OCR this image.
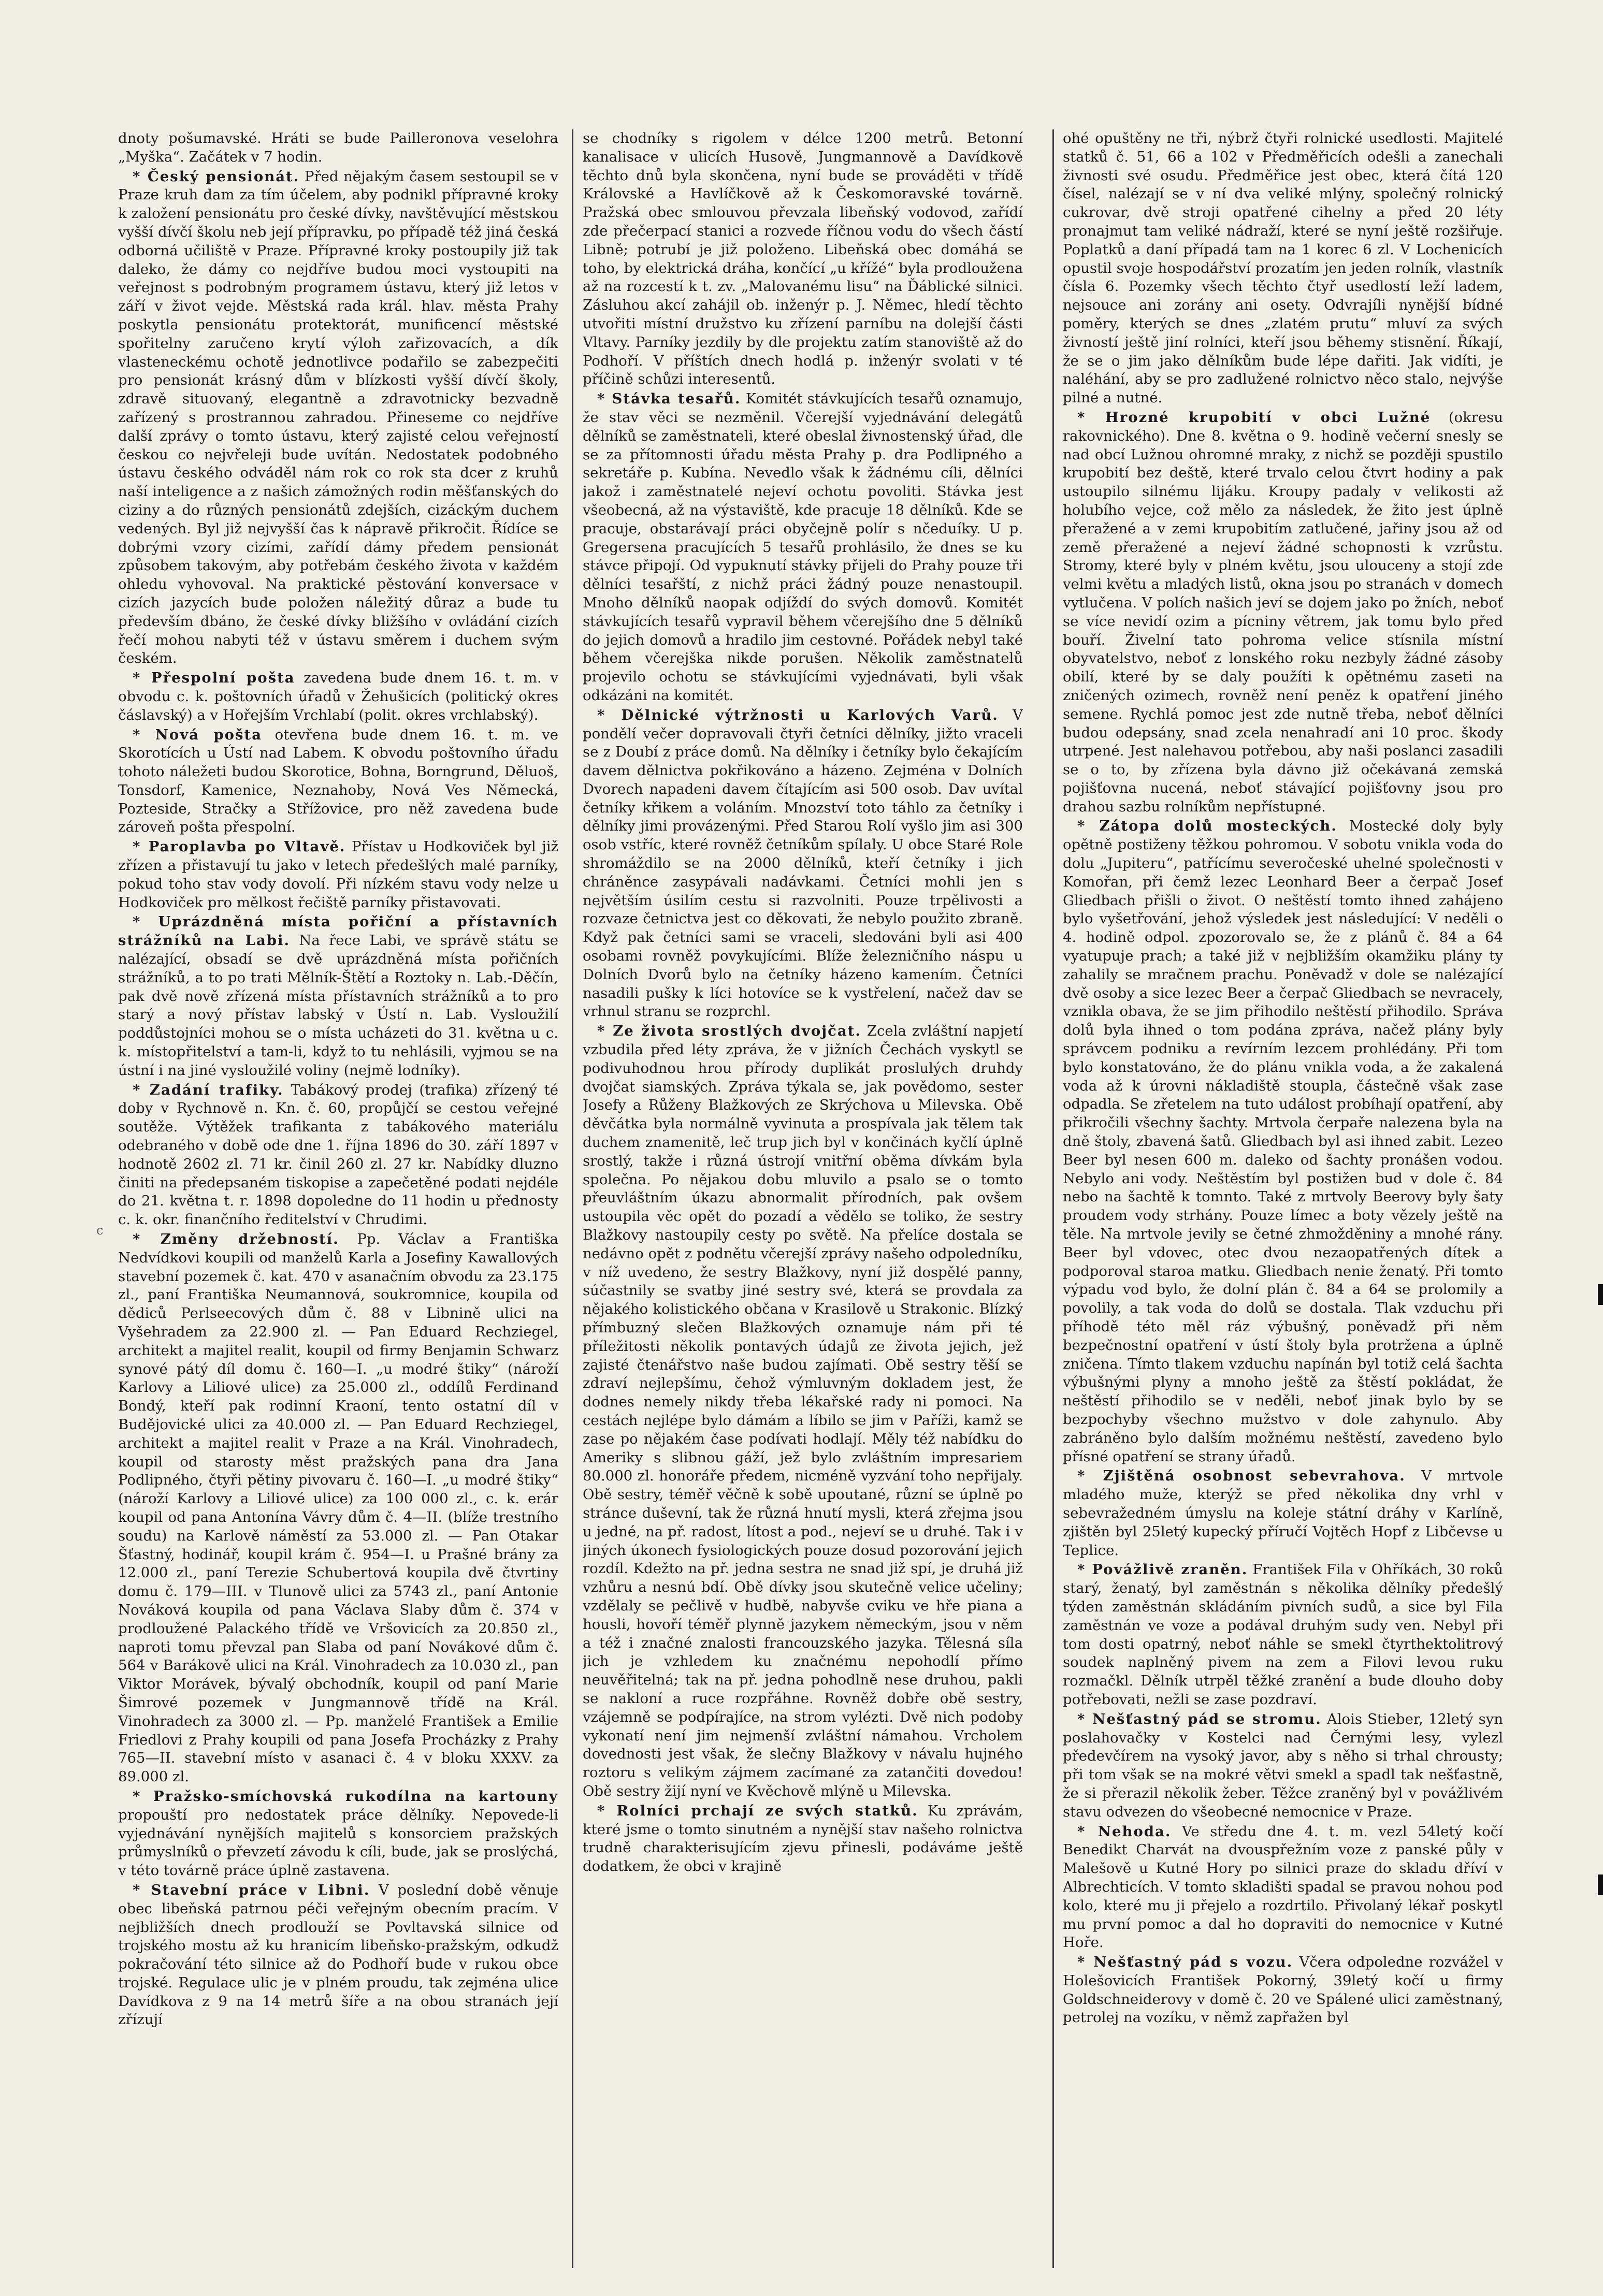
c
dnoty pošumavské. Hráti se bude Pailleronova veselohra „Myška“. Začátek v 7 hodin.
* Český pensionát. Před nějakým časem sestoupil se v Praze kruh dam za tím účelem, aby podnikl přípravné kroky k založení pensionátu pro české dívky, navštěvující městskou vyšší dívčí školu neb její přípravku, po případě též jiná česká odborná učiliště v Praze. Přípravné kroky postoupily již tak daleko, že dámy co nejdříve budou moci vystoupiti na veřejnost s podrobným programem ústavu, který již letos v září v život vejde. Městská rada král. hlav. města Prahy poskytla pensionátu protektorát, munificencí městské spořitelny zaručeno krytí výloh zařizovacích, a dík vlasteneckému ochotě jednotlivce podařilo se zabezpečiti pro pensionát krásný dům v blízkosti vyšší dívčí školy, zdravě situovaný, elegantně a zdravotnicky bezvadně zařízený s prostrannou zahradou. Přineseme co nejdříve další zprávy o tomto ústavu, který zajisté celou veřejností českou co nejvřeleji bude uvítán. Nedostatek podobného ústavu českého odváděl nám rok co rok sta dcer z kruhů naší inteligence a z našich zámožných rodin měšťanských do ciziny a do různých pensionátů zdejších, cizáckým duchem vedených. Byl již nejvyšší čas k nápravě přikročit. Řídíce se dobrými vzory cizími, zařídí dámy předem pensionát způsobem takovým, aby potřebám českého života v každém ohledu vyhovoval. Na praktické pěstování konversace v cizích jazycích bude položen náležitý důraz a bude tu především dbáno, že české dívky bližšího v ovládání cizích řečí mohou nabyti též v ústavu směrem i duchem svým českém.
* Přespolní pošta zavedena bude dnem 16. t. m. v obvodu c. k. poštovních úřadů v Žehušicích (politický okres čáslavský) a v Hořejším Vrchlabí (polit. okres vrchlabský).
* Nová pošta otevřena bude dnem 16. t. m. ve Skorotících u Ústí nad Labem. K obvodu poštovního úřadu tohoto náležeti budou Skorotice, Bohna, Borngrund, Děluoš, Tonsdorf, Kamenice, Neznahoby, Nová Ves Německá, Pozteside, Stračky a Střížovice, pro něž zavedena bude zároveň pošta přespolní.
* Paroplavba po Vltavě. Přístav u Hodkoviček byl již zřízen a přistavují tu jako v letech předešlých malé parníky, pokud toho stav vody dovolí. Při nízkém stavu vody nelze u Hodkoviček pro mělkost řečiště parníky přistavovati.
* Uprázdněná místa pořiční a přístavních strážníků na Labi. Na řece Labi, ve správě státu se nalézající, obsadí se dvě uprázdněná místa pořičních strážníků, a to po trati Mělník-Štětí a Roztoky n. Lab.-Děčín, pak dvě nově zřízená místa přístavních strážníků a to pro starý a nový přístav labský v Ústí n. Lab. Vysloužilí poddůstojníci mohou se o místa ucházeti do 31. května u c. k. místopřitelství a tam-li, když to tu nehlásili, vyjmou se na ústní i na jiné vysloužilé voliny (nejmě lodníky).
* Zadání trafiky. Tabákový prodej (trafika) zřízený té doby v Rychnově n. Kn. č. 60, propůjčí se cestou veřejné soutěže. Výtěžek trafikanta z tabákového materiálu odebraného v době ode dne 1. října 1896 do 30. září 1897 v hodnotě 2602 zl. 71 kr. činil 260 zl. 27 kr. Nabídky dluzno činiti na předepsaném tiskopise a zapečetěné podati nejdéle do 21. května t. r. 1898 dopoledne do 11 hodin u přednosty c. k. okr. finančního ředitelství v Chrudimi.
* Změny držebností. Pp. Václav a Františka Nedvídkovi koupili od manželů Karla a Josefiny Kawallových stavební pozemek č. kat. 470 v asanačním obvodu za 23.175 zl., paní Františka Neumannová, soukromnice, koupila od dědiců Perlseecových dům č. 88 v Libnině ulici na Vyšehradem za 22.900 zl. — Pan Eduard Rechziegel, architekt a majitel realit, koupil od firmy Benjamin Schwarz synové pátý díl domu č. 160—I. „u modré štiky“ (nároží Karlovy a Liliové ulice) za 25.000 zl., oddílů Ferdinand Bondý, kteří pak rodinní Kraoní, tento ostatní díl v Budějovické ulici za 40.000 zl. — Pan Eduard Rechziegel, architekt a majitel realit v Praze a na Král. Vinohradech, koupil od starosty měst pražských pana dra Jana Podlipného, čtyři pětiny pivovaru č. 160—I. „u modré štiky“ (nároží Karlovy a Liliové ulice) za 100 000 zl., c. k. erár koupil od pana Antonína Vávry dům č. 4—II. (blíže trestního soudu) na Karlově náměstí za 53.000 zl. — Pan Otakar Šťastný, hodinář, koupil krám č. 954—I. u Prašné brány za 12.000 zl., paní Terezie Schubertová koupila dvě čtvrtiny domu č. 179—III. v Tlunově ulici za 5743 zl., paní Antonie Nováková koupila od pana Václava Slaby dům č. 374 v prodloužené Palackého třídě ve Vršovicích za 20.850 zl., naproti tomu převzal pan Slaba od paní Novákové dům č. 564 v Barákově ulici na Král. Vinohradech za 10.030 zl., pan Viktor Morávek, bývalý obchodník, koupil od paní Marie Šimrové pozemek v Jungmannově třídě na Král. Vinohradech za 3000 zl. — Pp. manželé František a Emilie Friedlovi z Prahy koupili od pana Josefa Procházky z Prahy 765—II. stavební místo v asanaci č. 4 v bloku XXXV. za 89.000 zl.
* Pražsko-smíchovská rukodílna na kartouny propouští pro nedostatek práce dělníky. Nepovede-li vyjednávání nynějších majitelů s konsorciem pražských průmyslníků o převzetí závodu k cíli, bude, jak se proslýchá, v této továrně práce úplně zastavena.
* Stavební práce v Libni. V poslední době věnuje obec libeňská patrnou péči veřejným obecním pracím. V nejbližších dnech prodlouží se Povltavská silnice od trojského mostu až ku hranicím libeňsko-pražským, odkudž pokračování této silnice až do Podhoří bude v rukou obce trojské. Regulace ulic je v plném proudu, tak zejména ulice Davídkova z 9 na 14 metrů šíře a na obou stranách její zřízují
se chodníky s rigolem v délce 1200 metrů. Betonní kanalisace v ulicích Husově, Jungmannově a Davídkově těchto dnů byla skončena, nyní bude se prováděti v třídě Královské a Havlíčkově až k Českomoravské továrně. Pražská obec smlouvou převzala libeňský vodovod, zařídí zde přečerpací stanici a rozvede říčnou vodu do všech částí Libně; potrubí je již položeno. Libeňská obec domáhá se toho, by elektrická dráha, končící „u křížé“ byla prodloužena až na rozcestí k t. zv. „Malovanému lisu“ na Ďáblické silnici. Zásluhou akcí zahájil ob. inženýr p. J. Němec, hledí těchto utvořiti místní družstvo ku zřízení parníbu na dolejší části Vltavy. Parníky jezdily by dle projektu zatím stanoviště až do Podhoří. V příštích dnech hodlá p. inženýr svolati v té příčině schůzi interesentů.
* Stávka tesařů. Komitét stávkujících tesařů oznamujo, že stav věci se nezměnil. Včerejší vyjednávání delegátů dělníků se zaměstnateli, které obeslal živnostenský úřad, dle se za přítomnosti úřadu města Prahy p. dra Podlipného a sekretáře p. Kubína. Nevedlo však k žádnému cíli, dělníci jakož i zaměstnatelé nejeví ochotu povoliti. Stávka jest všeobecná, až na výstaviště, kde pracuje 18 dělníků. Kde se pracuje, obstarávají práci obyčejně polír s nčeduíky. U p. Gregersena pracujících 5 tesařů prohlásilo, že dnes se ku stávce připojí. Od vypuknutí stávky přijeli do Prahy pouze tři dělníci tesařští, z nichž práci žádný pouze nenastoupil. Mnoho dělníků naopak odjíždí do svých domovů. Komitét stávkujících tesařů vypravil během včerejšího dne 5 dělníků do jejich domovů a hradilo jim cestovné. Pořádek nebyl také během včerejška nikde porušen. Několik zaměstnatelů projevilo ochotu se stávkujícími vyjednávati, byli však odkázáni na komitét.
* Dělnické výtržnosti u Karlových Varů. V pondělí večer dopravovali čtyři četníci dělníky, jižto vraceli se z Doubí z práce domů. Na dělníky i četníky bylo čekajícím davem dělnictva pokřikováno a házeno. Zejména v Dolních Dvorech napadeni davem čítajícím asi 500 osob. Dav uvítal četníky křikem a voláním. Mnozství toto táhlo za četníky i dělníky jimi provázenými. Před Starou Rolí vyšlo jim asi 300 osob vstříc, které rovněž četníkům spílaly. U obce Staré Role shromáždilo se na 2000 dělníků, kteří četníky i jich chráněnce zasypávali nadávkami. Četníci mohli jen s největším úsilím cestu si razvolniti. Pouze trpělivosti a rozvaze četnictva jest co děkovati, že nebylo použito zbraně. Když pak četníci sami se vraceli, sledováni byli asi 400 osobami rovněž povykujícími. Blíže železničního náspu u Dolních Dvorů bylo na četníky házeno kamením. Četníci nasadili pušky k líci hotovíce se k vystřelení, načež dav se vrhnul stranu se rozprchl.
* Ze života srostlých dvojčat. Zcela zvláštní napjetí vzbudila před léty zpráva, že v jižních Čechách vyskytl se podivuhodnou hrou přírody duplikát proslulých druhdy dvojčat siamských. Zpráva týkala se, jak povědomo, sester Josefy a Růženy Blažkových ze Skrýchova u Milevska. Obě děvčátka byla normálně vyvinuta a prospívala jak tělem tak duchem znamenitě, leč trup jich byl v končinách kyčlí úplně srostlý, takže i různá ústrojí vnitřní oběma dívkám byla společna. Po nějakou dobu mluvilo a psalo se o tomto přeuvláštním úkazu abnormalit přírodních, pak ovšem ustoupila věc opět do pozadí a vědělo se toliko, že sestry Blažkovy nastoupily cesty po světě. Na přelíce dostala se nedávno opět z podnětu včerejší zprávy našeho odpoledníku, v níž uvedeno, že sestry Blažkovy, nyní již dospělé panny, súčastnily se svatby jiné sestry své, která se provdala za nějakého kolistického občana v Krasilově u Strakonic. Blízký přímbuzný slečen Blažkových oznamuje nám při té příležitosti několik pontavých údajů ze života jejich, jež zajisté čtenářstvo naše budou zajímati. Obě sestry těší se zdraví nejlepšímu, čehož výmluvným dokladem jest, že dodnes nemely nikdy třeba lékařské rady ni pomoci. Na cestách nejlépe bylo dámám a líbilo se jim v Paříži, kamž se zase po nějakém čase podívati hodlají. Měly též nabídku do Ameriky s slibnou gáží, jež bylo zvláštním impresariem 80.000 zl. honoráře předem, nicméně vyzvání toho nepřijaly. Obě sestry, téměř věčně k sobě upoutané, různí se úplně po stránce duševní, tak že různá hnutí mysli, která zřejma jsou u jedné, na př. radost, lítost a pod., nejeví se u druhé. Tak i v jiných úkonech fysiologických pouze dosud pozorování jejich rozdíl. Kdežto na př. jedna sestra ne snad již spí, je druhá již vzhůru a nesnú bdí. Obě dívky jsou skutečně velice učeliny; vzdělaly se pečlivě v hudbě, nabyvše cviku ve hře piana a housli, hovoří téměř plynně jazykem německým, jsou v něm a též i značné znalosti francouzského jazyka. Tělesná síla jich je vzhledem ku značnému nepohodlí přímo neuvěřitelná; tak na př. jedna pohodlně nese druhou, pakli se nakloní a ruce rozpřáhne. Rovněž dobře obě sestry, vzájemně se podpírajíce, na strom vylézti. Dvě nich podoby vykonatí není jim nejmenší zvláštní námahou. Vrcholem dovednosti jest však, že slečny Blažkovy v návalu hujného roztoru s velikým zájmem zacímané za zatančiti dovedou! Obě sestry žijí nyní ve Kvěchově mlýně u Milevska.
* Rolníci prchají ze svých statků. Ku zprávám, které jsme o tomto sinutném a nynější stav našeho rolnictva trudně charakterisujícím zjevu přinesli, podáváme ještě dodatkem, že obci v krajině
ohé opuštěny ne tři, nýbrž čtyři rolnické usedlosti. Majitelé statků č. 51, 66 a 102 v Předměřicích odešli a zanechali živnosti své osudu. Předměřice jest obec, která čítá 120 čísel, nalézají se v ní dva veliké mlýny, společný rolnický cukrovar, dvě stroji opatřené cihelny a před 20 léty pronajmut tam veliké nádraží, které se nyní ještě rozšiřuje. Poplatků a daní případá tam na 1 korec 6 zl. V Lochenicích opustil svoje hospodářství prozatím jen jeden rolník, vlastník čísla 6. Pozemky všech těchto čtyř usedlostí leží ladem, nejsouce ani zorány ani osety. Odvrajíli nynější bídné poměry, kterých se dnes „zlatém prutu“ mluví za svých živností ještě jiní rolníci, kteří jsou běhemy stisnění. Říkají, že se o jim jako dělníkům bude lépe dařiti. Jak vidíti, je naléhání, aby se pro zadlužené rolnictvo něco stalo, nejvýše pilné a nutné.
* Hrozné krupobití v obci Lužné (okresu rakovnického). Dne 8. května o 9. hodině večerní snesly se nad obcí Lužnou ohromné mraky, z nichž se později spustilo krupobití bez deště, které trvalo celou čtvrt hodiny a pak ustoupilo silnému lijáku. Kroupy padaly v velikosti až holubího vejce, což mělo za následek, že žito jest úplně přeražené a v zemi krupobitím zatlučené, jařiny jsou až od země přeražené a nejeví žádné schopnosti k vzrůstu. Stromy, které byly v plném květu, jsou ulouceny a stojí zde velmi květu a mladých listů, okna jsou po stranách v domech vytlučena. V polích našich jeví se dojem jako po žních, neboť se více nevidí ozim a pícniny větrem, jak tomu bylo před bouří. Živelní tato pohroma velice stísnila místní obyvatelstvo, neboť z lonského roku nezbyly žádné zásoby obilí, které by se daly použíti k opětnému zaseti na zničených ozimech, rovněž není peněz k opatření jiného semene. Rychlá pomoc jest zde nutně třeba, neboť dělníci budou odepsány, snad zcela nenahradí ani 10 proc. škody utrpené. Jest nalehavou potřebou, aby naši poslanci zasadili se o to, by zřízena byla dávno již očekávaná zemská pojišťovna nucená, neboť stávající pojišťovny jsou pro drahou sazbu rolníkům nepřístupné.
* Zátopa dolů mosteckých. Mostecké doly byly opětně postiženy těžkou pohromou. V sobotu vnikla voda do dolu „Jupiteru“, patřícímu severočeské uhelné společnosti v Komořan, při čemž lezec Leonhard Beer a čerpač Josef Gliedbach přišli o život. O neštěstí tomto ihned zahájeno bylo vyšetřování, jehož výsledek jest následující: V neděli o 4. hodině odpol. zpozorovalo se, že z plánů č. 84 a 64 vyatupuje prach; a také již v nejbližším okamžiku plány ty zahalily se mračnem prachu. Poněvadž v dole se nalézající dvě osoby a sice lezec Beer a čerpač Gliedbach se nevracely, vznikla obava, že se jim přihodilo neštěstí přihodilo. Správa dolů byla ihned o tom podána zpráva, načež plány byly správcem podniku a revírním lezcem prohlédány. Při tom bylo konstatováno, že do plánu vnikla voda, a že zakalená voda až k úrovni nákladiště stoupla, částečně však zase odpadla. Se zřetelem na tuto událost probíhají opatření, aby přikročili všechny šachty. Mrtvola čerpaře nalezena byla na dně štoly, zbavená šatů. Gliedbach byl asi ihned zabit. Lezeo Beer byl nesen 600 m. daleko od šachty pronášen vodou. Nebylo ani vody. Neštěstím byl postižen bud v dole č. 84 nebo na šachtě k tomnto. Také z mrtvoly Beerovy byly šaty proudem vody strhány. Pouze límec a boty vězely ještě na těle. Na mrtvole jevily se četné zhmožděniny a mnohé rány. Beer byl vdovec, otec dvou nezaopatřených dítek a podporoval staroa matku. Gliedbach nenie ženatý. Při tomto výpadu vod bylo, že dolní plán č. 84 a 64 se prolomily a povolily, a tak voda do dolů se dostala. Tlak vzduchu při příhodě této měl ráz výbušný, poněvadž při něm bezpečnostní opatření v ústí štoly byla protržena a úplně zničena. Tímto tlakem vzduchu napínán byl totiž celá šachta výbušnými plyny a mnoho ještě za štěstí pokládat, že neštěstí přihodilo se v neděli, neboť jinak bylo by se bezpochyby všechno mužstvo v dole zahynulo. Aby zabráněno bylo dalším možnému neštěstí, zavedeno bylo přísné opatření se strany úřadů.
* Zjištěná osobnost sebevrahova. V mrtvole mladého muže, kterýž se před několika dny vrhl v sebevražedném úmyslu na koleje státní dráhy v Karlíně, zjištěn byl 25letý kupecký příručí Vojtěch Hopf z Libčevse u Teplice.
* Povážlivě zraněn. František Fila v Ohříkách, 30 roků starý, ženatý, byl zaměstnán s několika dělníky předešlý týden zaměstnán skládáním pivních sudů, a sice byl Fila zaměstnán ve voze a podával druhým sudy ven. Nebyl při tom dosti opatrný, neboť náhle se smekl čtyrthektolitrový soudek naplněný pivem na zem a Filovi levou ruku rozmačkl. Dělník utrpěl těžké zranění a bude dlouho doby potřebovati, nežli se zase pozdraví.
* Nešťastný pád se stromu. Alois Stieber, 12letý syn poslahovačky v Kostelci nad Černými lesy, vylezl předevčírem na vysoký javor, aby s něho si trhal chrousty; při tom však se na mokré větvi smekl a spadl tak nešťastně, že si přerazil několik žeber. Těžce zraněný byl v povážlivém stavu odvezen do všeobecné nemocnice v Praze.
* Nehoda. Ve středu dne 4. t. m. vezl 54letý kočí Benedikt Charvát na dvouspřežním voze z panské půly v Malešově u Kutné Hory po silnici praze do skladu dříví v Albrechticích. V tomto skladišti spadal se pravou nohou pod kolo, které mu ji přejelo a rozdrtilo. Přivolaný lékař poskytl mu první pomoc a dal ho dopraviti do nemocnice v Kutné Hoře.
* Nešťastný pád s vozu. Včera odpoledne rozvážel v Holešovicích František Pokorný, 39letý kočí u firmy Goldschneiderovy v domě č. 20 ve Spálené ulici zaměstnaný, petrolej na vozíku, v němž zapřažen byl
